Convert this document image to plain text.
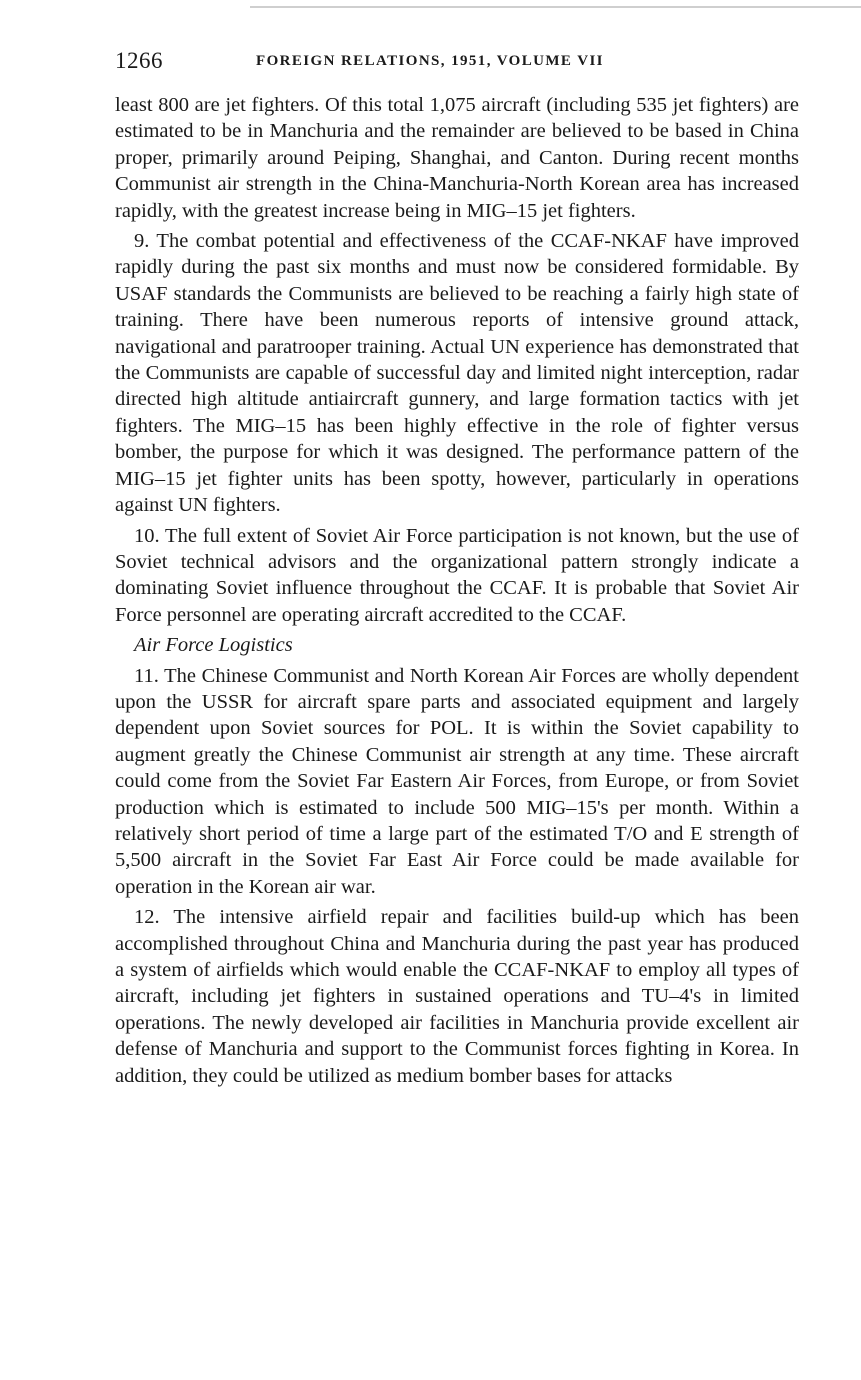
1266	FOREIGN RELATIONS, 1951, VOLUME VII

least 800 are jet fighters. Of this total 1,075 aircraft (including 535 jet fighters) are estimated to be in Manchuria and the remainder are believed to be based in China proper, primarily around Peiping, Shanghai, and Canton. During recent months Communist air strength in the China-Manchuria-North Korean area has increased rapidly, with the greatest increase being in MIG–15 jet fighters.

9. The combat potential and effectiveness of the CCAF-NKAF have improved rapidly during the past six months and must now be considered formidable. By USAF standards the Communists are believed to be reaching a fairly high state of training. There have been numerous reports of intensive ground attack, navigational and paratrooper training. Actual UN experience has demonstrated that the Communists are capable of successful day and limited night interception, radar directed high altitude antiaircraft gunnery, and large formation tactics with jet fighters. The MIG–15 has been highly effective in the role of fighter versus bomber, the purpose for which it was designed. The performance pattern of the MIG–15 jet fighter units has been spotty, however, particularly in operations against UN fighters.

10. The full extent of Soviet Air Force participation is not known, but the use of Soviet technical advisors and the organizational pattern strongly indicate a dominating Soviet influence throughout the CCAF. It is probable that Soviet Air Force personnel are operating aircraft accredited to the CCAF.

Air Force Logistics

11. The Chinese Communist and North Korean Air Forces are wholly dependent upon the USSR for aircraft spare parts and associated equipment and largely dependent upon Soviet sources for POL. It is within the Soviet capability to augment greatly the Chinese Communist air strength at any time. These aircraft could come from the Soviet Far Eastern Air Forces, from Europe, or from Soviet production which is estimated to include 500 MIG–15's per month. Within a relatively short period of time a large part of the estimated T/O and E strength of 5,500 aircraft in the Soviet Far East Air Force could be made available for operation in the Korean air war.

12. The intensive airfield repair and facilities build-up which has been accomplished throughout China and Manchuria during the past year has produced a system of airfields which would enable the CCAF-NKAF to employ all types of aircraft, including jet fighters in sustained operations and TU–4's in limited operations. The newly developed air facilities in Manchuria provide excellent air defense of Manchuria and support to the Communist forces fighting in Korea. In addition, they could be utilized as medium bomber bases for attacks
